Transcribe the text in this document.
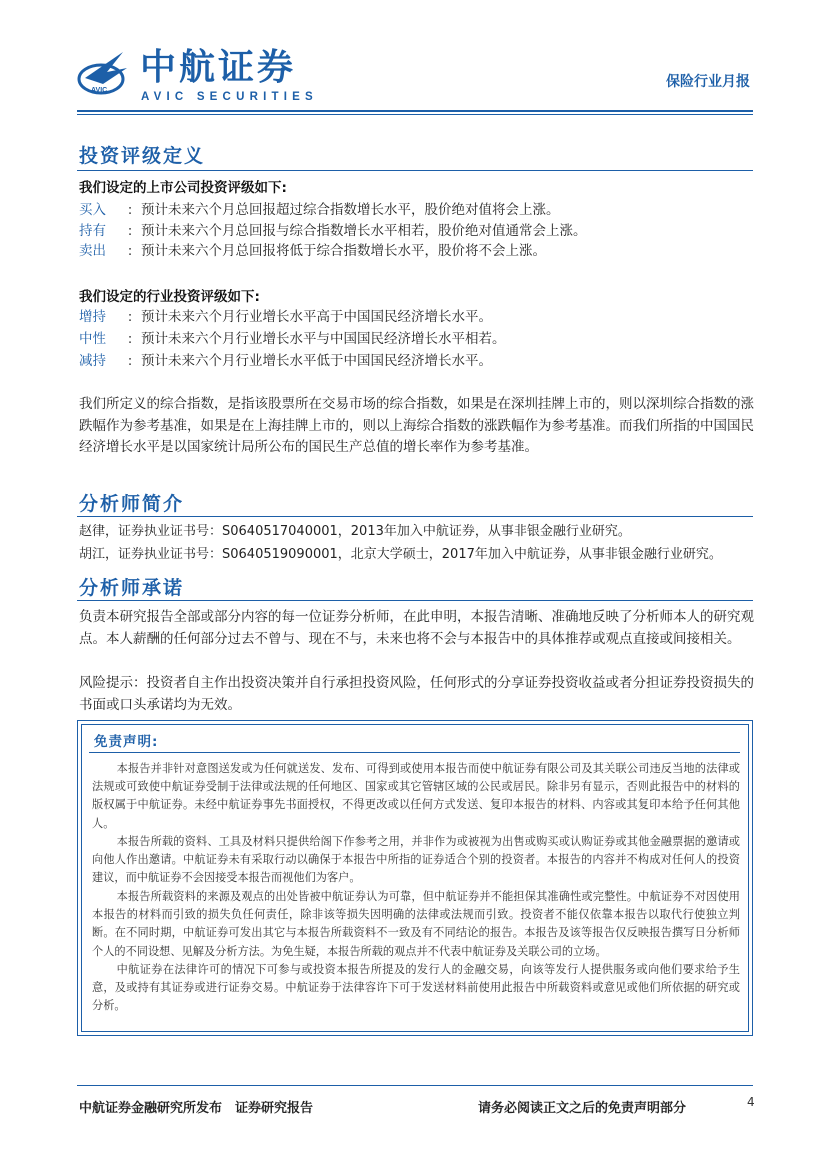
AVIC
中航证券
AVIC SECURITIES
保险行业月报
投资评级定义
我们设定的上市公司投资评级如下:
买入 : 预计未来六个月总回报超过综合指数增长水平，股价绝对值将会上涨。
持有 : 预计未来六个月总回报与综合指数增长水平相若，股价绝对值通常会上涨。
卖出 : 预计未来六个月总回报将低于综合指数增长水平，股价将不会上涨。
我们设定的行业投资评级如下:
增持 : 预计未来六个月行业增长水平高于中国国民经济增长水平。
中性 : 预计未来六个月行业增长水平与中国国民经济增长水平相若。
减持 : 预计未来六个月行业增长水平低于中国国民经济增长水平。
我们所定义的综合指数，是指该股票所在交易市场的综合指数，如果是在深圳挂牌上市的，则以深圳综合指数的涨跌幅作为参考基准，如果是在上海挂牌上市的，则以上海综合指数的涨跌幅作为参考基准。而我们所指的中国国民经济增长水平是以国家统计局所公布的国民生产总值的增长率作为参考基准。
分析师简介
赵律，证券执业证书号：S0640517040001，2013年加入中航证券，从事非银金融行业研究。
胡江，证券执业证书号：S0640519090001，北京大学硕士，2017年加入中航证券，从事非银金融行业研究。
分析师承诺
负责本研究报告全部或部分内容的每一位证券分析师，在此申明，本报告清晰、准确地反映了分析师本人的研究观点。本人薪酬的任何部分过去不曾与、现在不与，未来也将不会与本报告中的具体推荐或观点直接或间接相关。
风险提示：投资者自主作出投资决策并自行承担投资风险，任何形式的分享证券投资收益或者分担证券投资损失的书面或口头承诺均为无效。
免责声明:
本报告并非针对意图送发或为任何就送发、发布、可得到或使用本报告而使中航证券有限公司及其关联公司违反当地的法律或法规或可致使中航证券受制于法律或法规的任何地区、国家或其它管辖区域的公民或居民。除非另有显示，否则此报告中的材料的版权属于中航证券。未经中航证券事先书面授权，不得更改或以任何方式发送、复印本报告的材料、内容或其复印本给予任何其他人。
本报告所载的资料、工具及材料只提供给阁下作参考之用，并非作为或被视为出售或购买或认购证券或其他金融票据的邀请或向他人作出邀请。中航证券未有采取行动以确保于本报告中所指的证券适合个别的投资者。本报告的内容并不构成对任何人的投资建议，而中航证券不会因接受本报告而视他们为客户。
本报告所载资料的来源及观点的出处皆被中航证券认为可靠，但中航证券并不能担保其准确性或完整性。中航证券不对因使用本报告的材料而引致的损失负任何责任，除非该等损失因明确的法律或法规而引致。投资者不能仅依靠本报告以取代行使独立判断。在不同时期，中航证券可发出其它与本报告所载资料不一致及有不同结论的报告。本报告及该等报告仅反映报告撰写日分析师个人的不同设想、见解及分析方法。为免生疑，本报告所载的观点并不代表中航证券及关联公司的立场。
中航证券在法律许可的情况下可参与或投资本报告所提及的发行人的金融交易，向该等发行人提供服务或向他们要求给予生意，及或持有其证券或进行证券交易。中航证券于法律容许下可于发送材料前使用此报告中所载资料或意见或他们所依据的研究或分析。
中航证券金融研究所发布　证券研究报告	请务必阅读正文之后的免责声明部分	4
